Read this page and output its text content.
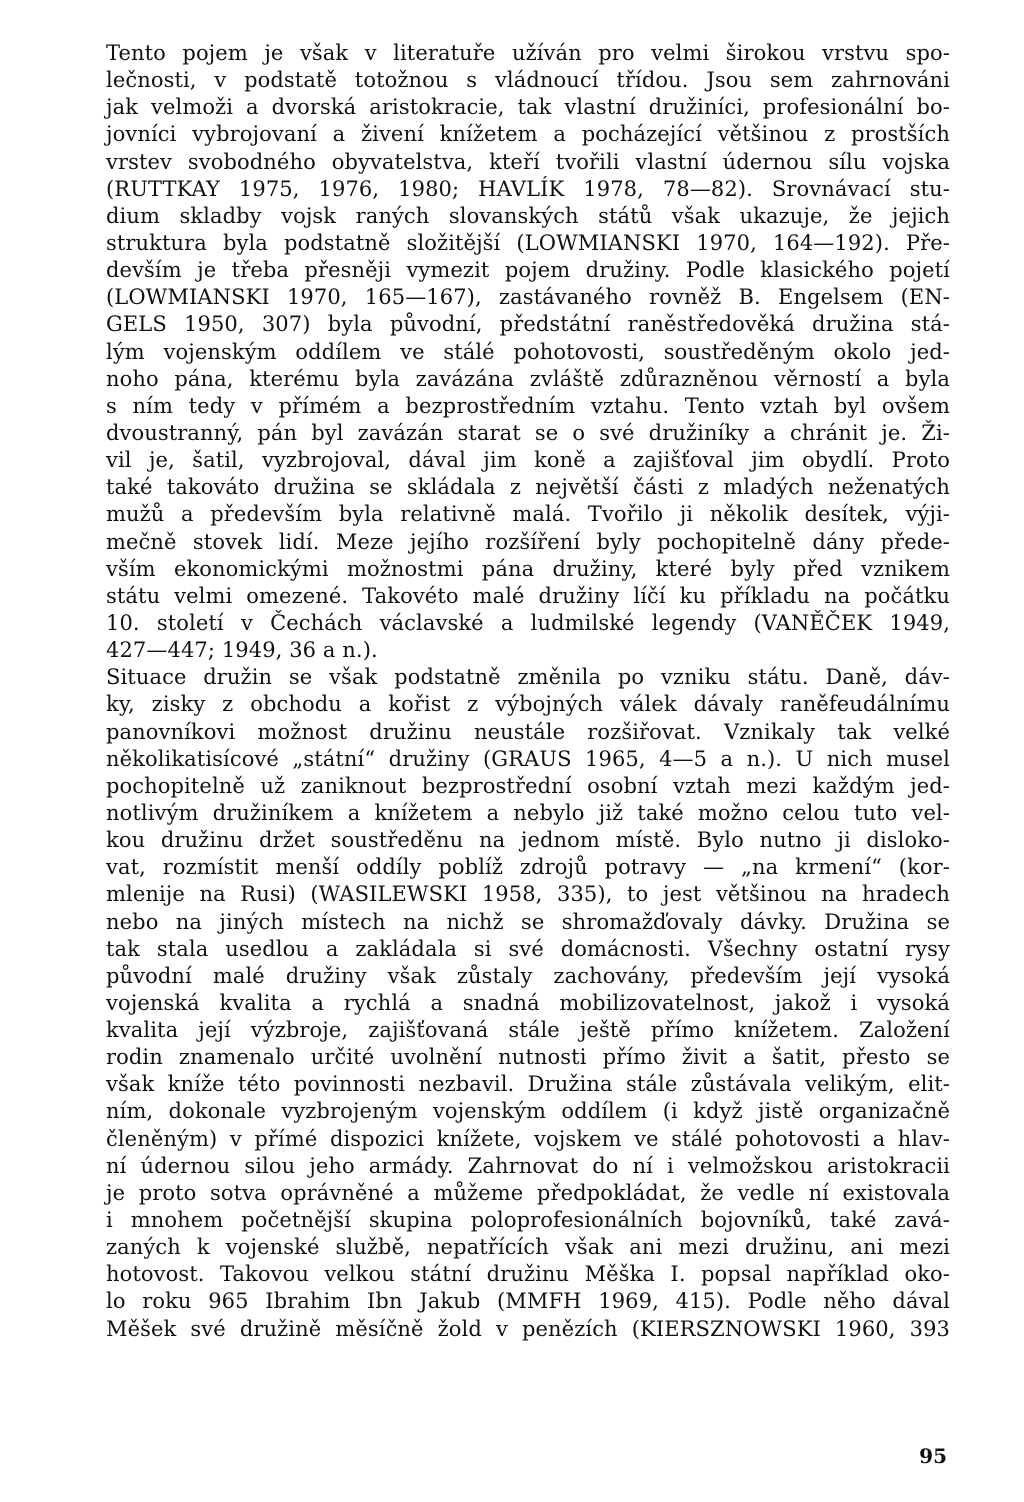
Tento pojem je však v literatuře užíván pro velmi širokou vrstvu spo-
lečnosti, v podstatě totožnou s vládnoucí třídou. Jsou sem zahrnováni
jak velmoži a dvorská aristokracie, tak vlastní družiníci, profesionální bo-
jovníci vybrojovaní a živení knížetem a pocházející většinou z prostších
vrstev svobodného obyvatelstva, kteří tvořili vlastní údernou sílu vojska
(RUTTKAY 1975, 1976, 1980; HAVLÍK 1978, 78—82). Srovnávací stu-
dium skladby vojsk raných slovanských států však ukazuje, že jejich
struktura byla podstatně složitější (LOWMIANSKI 1970, 164—192). Pře-
devším je třeba přesněji vymezit pojem družiny. Podle klasického pojetí
(LOWMIANSKI 1970, 165—167), zastávaného rovněž B. Engelsem (EN-
GELS 1950, 307) byla původní, předstátní raněstředověká družina stá-
lým vojenským oddílem ve stálé pohotovosti, soustředěným okolo jed-
noho pána, kterému byla zavázána zvláště zdůrazněnou věrností a byla
s ním tedy v přímém a bezprostředním vztahu. Tento vztah byl ovšem
dvoustranný, pán byl zavázán starat se o své družiníky a chránit je. Ži-
vil je, šatil, vyzbrojoval, dával jim koně a zajišťoval jim obydlí. Proto
také takováto družina se skládala z největší části z mladých neženatých
mužů a především byla relativně malá. Tvořilo ji několik desítek, výji-
mečně stovek lidí. Meze jejího rozšíření byly pochopitelně dány přede-
vším ekonomickými možnostmi pána družiny, které byly před vznikem
státu velmi omezené. Takovéto malé družiny líčí ku příkladu na počátku
10. století v Čechách václavské a ludmilské legendy (VANĚČEK 1949,
427—447; 1949, 36 a n.).
Situace družin se však podstatně změnila po vzniku státu. Daně, dáv-
ky, zisky z obchodu a kořist z výbojných válek dávaly raněfeudálnímu
panovníkovi možnost družinu neustále rozšiřovat. Vznikaly tak velké
několikatisícové „státní“ družiny (GRAUS 1965, 4—5 a n.). U nich musel
pochopitelně už zaniknout bezprostřední osobní vztah mezi každým jed-
notlivým družiníkem a knížetem a nebylo již také možno celou tuto vel-
kou družinu držet soustředěnu na jednom místě. Bylo nutno ji disloko-
vat, rozmístit menší oddíly poblíž zdrojů potravy — „na krmení“ (kor-
mlenije na Rusi) (WASILEWSKI 1958, 335), to jest většinou na hradech
nebo na jiných místech na nichž se shromažďovaly dávky. Družina se
tak stala usedlou a zakládala si své domácnosti. Všechny ostatní rysy
původní malé družiny však zůstaly zachovány, především její vysoká
vojenská kvalita a rychlá a snadná mobilizovatelnost, jakož i vysoká
kvalita její výzbroje, zajišťovaná stále ještě přímo knížetem. Založení
rodin znamenalo určité uvolnění nutnosti přímo živit a šatit, přesto se
však kníže této povinnosti nezbavil. Družina stále zůstávala velikým, elit-
ním, dokonale vyzbrojeným vojenským oddílem (i když jistě organizačně
členěným) v přímé dispozici knížete, vojskem ve stálé pohotovosti a hlav-
ní údernou silou jeho armády. Zahrnovat do ní i velmožskou aristokracii
je proto sotva oprávněné a můžeme předpokládat, že vedle ní existovala
i mnohem početnější skupina poloprofesionálních bojovníků, také zavá-
zaných k vojenské službě, nepatřících však ani mezi družinu, ani mezi
hotovost. Takovou velkou státní družinu Měška I. popsal například oko-
lo roku 965 Ibrahim Ibn Jakub (MMFH 1969, 415). Podle něho dával
Měšek své družině měsíčně žold v penězích (KIERSZNOWSKI 1960, 393
95
